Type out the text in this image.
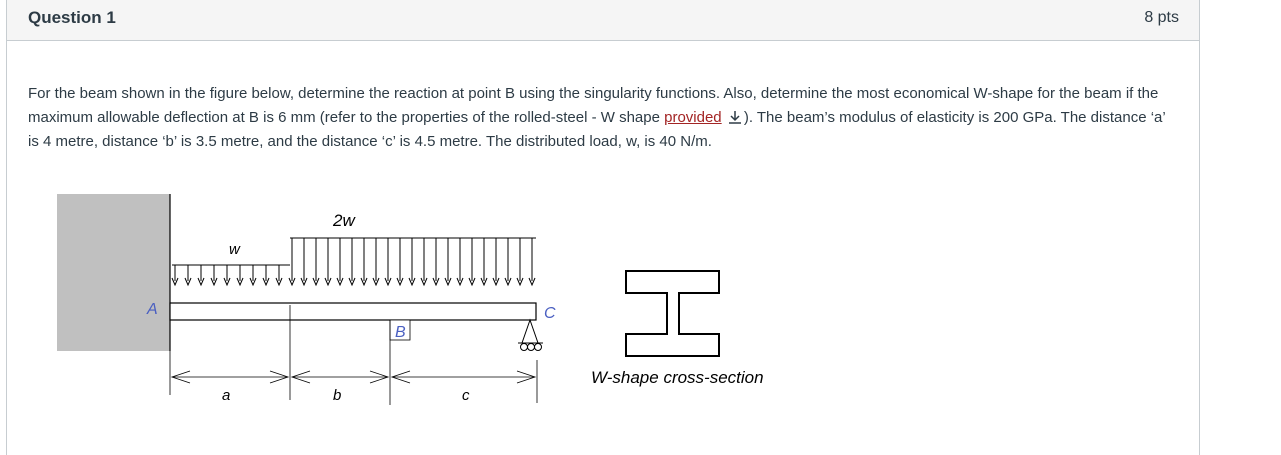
Question 1	8 pts
For the beam shown in the figure below, determine the reaction at point B using the singularity functions. Also, determine the most economical W-shape for the beam if the maximum allowable deflection at B is 6 mm (refer to the properties of the rolled-steel - W shape provided ). The beam’s modulus of elasticity is 200 GPa. The distance ‘a’ is 4 metre, distance ‘b’ is 3.5 metre, and the distance ‘c’ is 4.5 metre. The distributed load, w, is 40 N/m.
w
2w
A
B
C
a	b	c
W-shape cross-section
